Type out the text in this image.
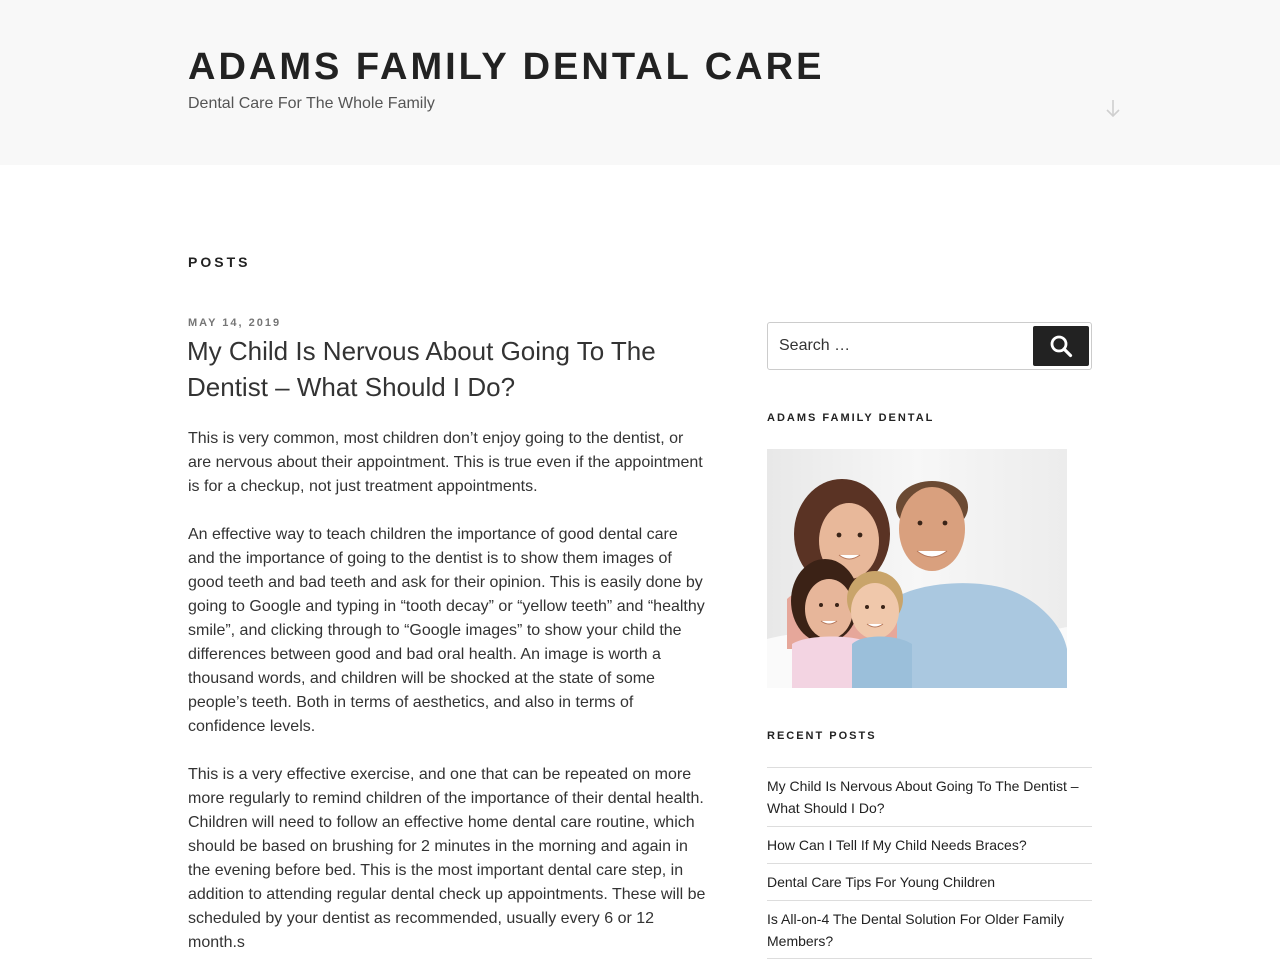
ADAMS FAMILY DENTAL CARE
Dental Care For The Whole Family
POSTS
MAY 14, 2019
My Child Is Nervous About Going To The Dentist – What Should I Do?

This is very common, most children don’t enjoy going to the dentist, or are nervous about their appointment. This is true even if the appointment is for a checkup, not just treatment appointments.

An effective way to teach children the importance of good dental care and the importance of going to the dentist is to show them images of good teeth and bad teeth and ask for their opinion. This is easily done by going to Google and typing in “tooth decay” or “yellow teeth” and “healthy smile”, and clicking through to “Google images” to show your child the differences between good and bad oral health. An image is worth a thousand words, and children will be shocked at the state of some people’s teeth. Both in terms of aesthetics, and also in terms of confidence levels.

This is a very effective exercise, and one that can be repeated on more more regularly to remind children of the importance of their dental health. Children will need to follow an effective home dental care routine, which should be based on brushing for 2 minutes in the morning and again in the evening before bed. This is the most important dental care step, in addition to attending regular dental check up appointments. These will be scheduled by your dentist as recommended, usually every 6 or 12 month.s

Search …
ADAMS FAMILY DENTAL
RECENT POSTS
My Child Is Nervous About Going To The Dentist – What Should I Do?
How Can I Tell If My Child Needs Braces?
Dental Care Tips For Young Children
Is All-on-4 The Dental Solution For Older Family Members?
